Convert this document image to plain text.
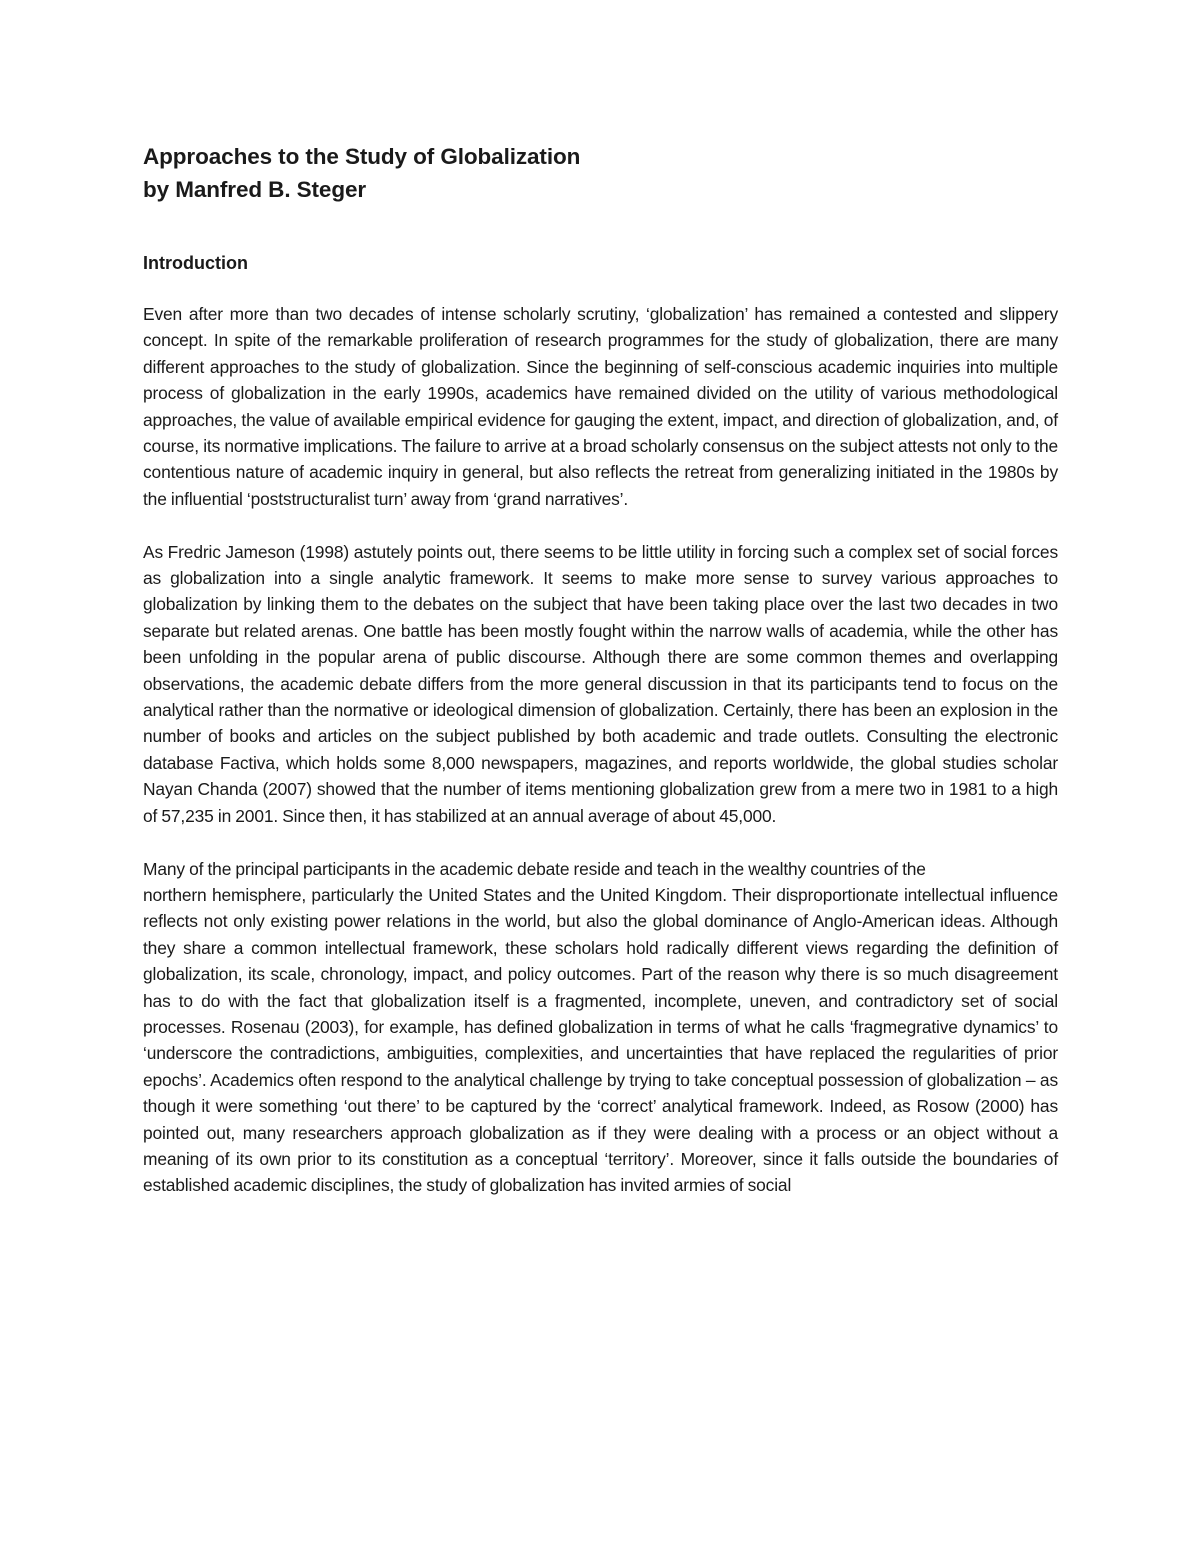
Approaches to the Study of Globalization
by Manfred B. Steger
Introduction

Even after more than two decades of intense scholarly scrutiny, ‘globalization’ has remained a contested and slippery concept. In spite of the remarkable proliferation of research programmes for the study of globalization, there are many different approaches to the study of globalization. Since the beginning of self-conscious academic inquiries into multiple process of globalization in the early 1990s, academics have remained divided on the utility of various methodological approaches, the value of available empirical evidence for gauging the extent, impact, and direction of globalization, and, of course, its normative implications. The failure to arrive at a broad scholarly consensus on the subject attests not only to the contentious nature of academic inquiry in general, but also reflects the retreat from generalizing initiated in the 1980s by the influential ‘poststructuralist turn’ away from ‘grand narratives’.

As Fredric Jameson (1998) astutely points out, there seems to be little utility in forcing such a complex set of social forces as globalization into a single analytic framework. It seems to make more sense to survey various approaches to globalization by linking them to the debates on the subject that have been taking place over the last two decades in two separate but related arenas. One battle has been mostly fought within the narrow walls of academia, while the other has been unfolding in the popular arena of public discourse. Although there are some common themes and overlapping observations, the academic debate differs from the more general discussion in that its participants tend to focus on the analytical rather than the normative or ideological dimension of globalization. Certainly, there has been an explosion in the number of books and articles on the subject published by both academic and trade outlets. Consulting the electronic database Factiva, which holds some 8,000 newspapers, magazines, and reports worldwide, the global studies scholar Nayan Chanda (2007) showed that the number of items mentioning globalization grew from a mere two in 1981 to a high of 57,235 in 2001. Since then, it has stabilized at an annual average of about 45,000.

Many of the principal participants in the academic debate reside and teach in the wealthy countries of the

northern hemisphere, particularly the United States and the United Kingdom. Their disproportionate intellectual influence reflects not only existing power relations in the world, but also the global dominance of Anglo-American ideas. Although they share a common intellectual framework, these scholars hold radically different views regarding the definition of globalization, its scale, chronology, impact, and policy outcomes. Part of the reason why there is so much disagreement has to do with the fact that globalization itself is a fragmented, incomplete, uneven, and contradictory set of social processes. Rosenau (2003), for example, has defined globalization in terms of what he calls ‘fragmegrative dynamics’ to ‘underscore the contradictions, ambiguities, complexities, and uncertainties that have replaced the regularities of prior epochs’. Academics often respond to the analytical challenge by trying to take conceptual possession of globalization – as though it were something ‘out there’ to be captured by the ‘correct’ analytical framework. Indeed, as Rosow (2000) has pointed out, many researchers approach globalization as if they were dealing with a process or an object without a meaning of its own prior to its constitution as a conceptual ‘territory’. Moreover, since it falls outside the boundaries of established academic disciplines, the study of globalization has invited armies of social
